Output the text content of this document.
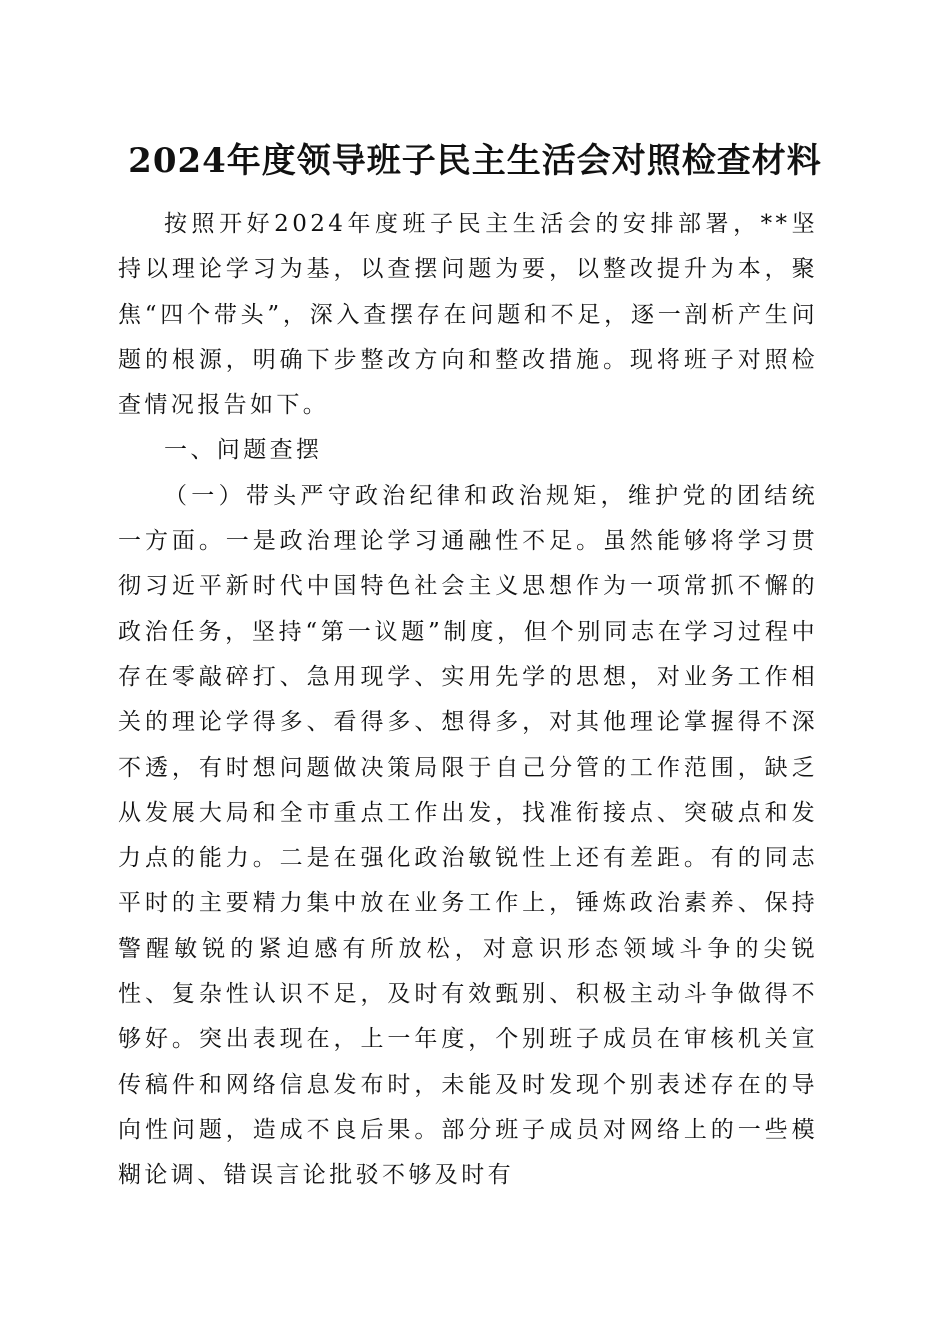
2024年度领导班子民主生活会对照检查材料

按照开好2024年度班子民主生活会的安排部署，**坚持以理论学习为基，以查摆问题为要，以整改提升为本，聚焦“四个带头”，深入查摆存在问题和不足，逐一剖析产生问题的根源，明确下步整改方向和整改措施。现将班子对照检查情况报告如下。

一、问题查摆

（一）带头严守政治纪律和政治规矩，维护党的团结统一方面。一是政治理论学习通融性不足。虽然能够将学习贯彻习近平新时代中国特色社会主义思想作为一项常抓不懈的政治任务，坚持“第一议题”制度，但个别同志在学习过程中存在零敲碎打、急用现学、实用先学的思想，对业务工作相关的理论学得多、看得多、想得多，对其他理论掌握得不深不透，有时想问题做决策局限于自己分管的工作范围，缺乏从发展大局和全市重点工作出发，找准衔接点、突破点和发力点的能力。二是在强化政治敏锐性上还有差距。有的同志平时的主要精力集中放在业务工作上，锤炼政治素养、保持警醒敏锐的紧迫感有所放松，对意识形态领域斗争的尖锐性、复杂性认识不足，及时有效甄别、积极主动斗争做得不够好。突出表现在，上一年度，个别班子成员在审核机关宣传稿件和网络信息发布时，未能及时发现个别表述存在的导向性问题，造成不良后果。部分班子成员对网络上的一些模糊论调、错误言论批驳不够及时有
